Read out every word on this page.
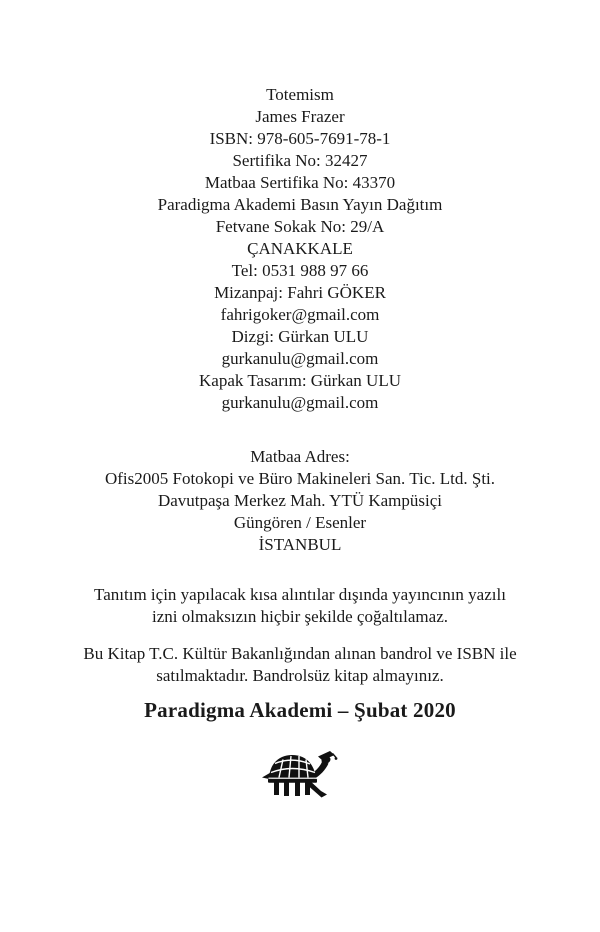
Totemism
James Frazer
ISBN: 978-605-7691-78-1
Sertifika No: 32427
Matbaa Sertifika No: 43370
Paradigma Akademi Basın Yayın Dağıtım
Fetvane Sokak No: 29/A
ÇANAKKALE
Tel: 0531 988 97 66
Mizanpaj: Fahri GÖKER
fahrigoker@gmail.com
Dizgi: Gürkan ULU
gurkanulu@gmail.com
Kapak Tasarım: Gürkan ULU
gurkanulu@gmail.com
Matbaa Adres:
Ofis2005 Fotokopi ve Büro Makineleri San. Tic. Ltd. Şti.
Davutpaşa Merkez Mah. YTÜ Kampüsiçi
Güngören / Esenler
İSTANBUL

Tanıtım için yapılacak kısa alıntılar dışında yayıncının yazılı izni olmaksızın hiçbir şekilde çoğaltılamaz.

Bu Kitap T.C. Kültür Bakanlığından alınan bandrol ve ISBN ile satılmaktadır. Bandrolsüz kitap almayınız.

Paradigma Akademi – Şubat 2020
